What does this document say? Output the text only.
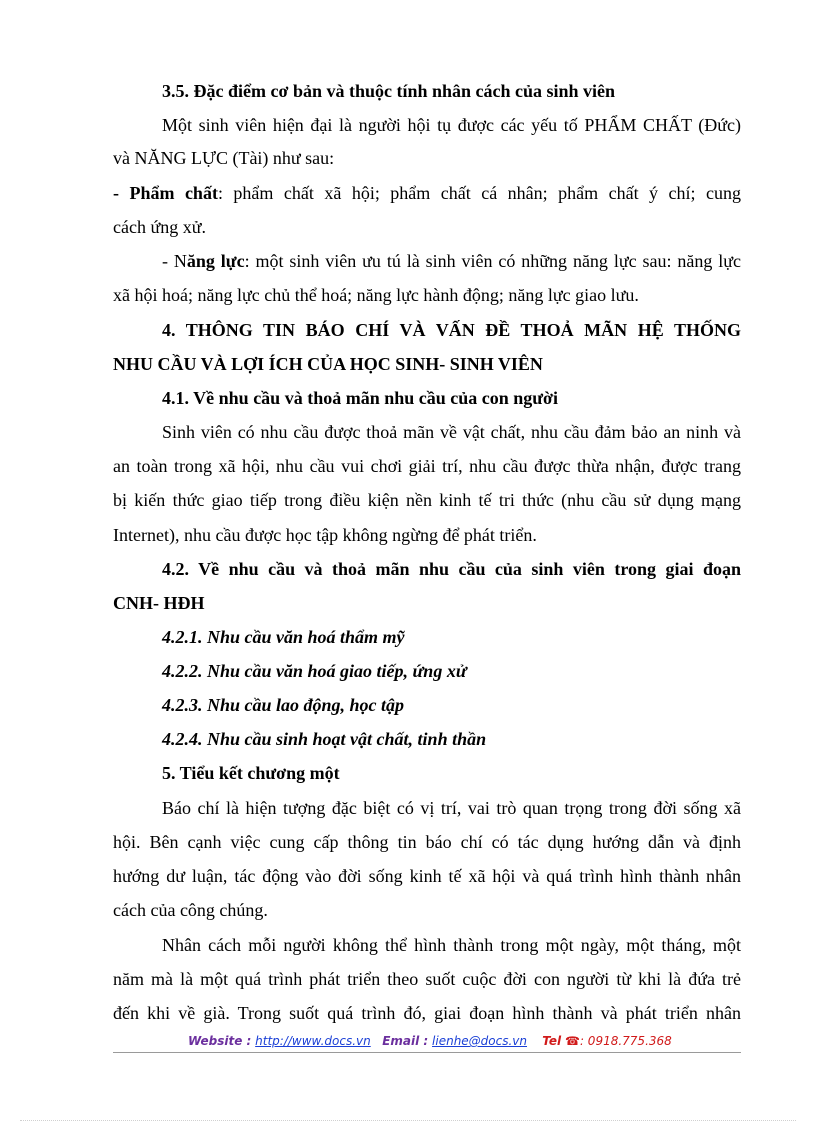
3.5. Đặc điểm cơ bản và thuộc tính nhân cách của sinh viên
Một sinh viên hiện đại là người hội tụ được các yếu tố PHẨM CHẤT (Đức)
và NĂNG LỰC (Tài) như sau:
- Phẩm chất: phẩm chất xã hội; phẩm chất cá nhân; phẩm chất ý chí; cung
cách ứng xử.
- Năng lực: một sinh viên ưu tú là sinh viên có những năng lực sau: năng lực
xã hội hoá; năng lực chủ thể hoá; năng lực hành động; năng lực giao lưu.
4. THÔNG TIN BÁO CHÍ VÀ VẤN ĐỀ THOẢ MÃN HỆ THỐNG
NHU CẦU VÀ LỢI ÍCH CỦA HỌC SINH- SINH VIÊN
4.1. Về nhu cầu và thoả mãn nhu cầu của con người
Sinh viên có nhu cầu được thoả mãn về vật chất, nhu cầu đảm bảo an ninh và
an toàn trong xã hội, nhu cầu vui chơi giải trí, nhu cầu được thừa nhận, được trang
bị kiến thức giao tiếp trong điều kiện nền kinh tế tri thức (nhu cầu sử dụng mạng
Internet), nhu cầu được học tập không ngừng để phát triển.
4.2. Về nhu cầu và thoả mãn nhu cầu của sinh viên trong giai đoạn
CNH- HĐH
4.2.1. Nhu cầu văn hoá thẩm mỹ
4.2.2. Nhu cầu văn hoá giao tiếp, ứng xử
4.2.3. Nhu cầu lao động, học tập
4.2.4. Nhu cầu sinh hoạt vật chất, tinh thần
5. Tiểu kết chương một
Báo chí là hiện tượng đặc biệt có vị trí, vai trò quan trọng trong đời sống xã
hội. Bên cạnh việc cung cấp thông tin báo chí có tác dụng hướng dẫn và định
hướng dư luận, tác động vào đời sống kinh tế xã hội và quá trình hình thành nhân
cách của công chúng.
Nhân cách mỗi người không thể hình thành trong một ngày, một tháng, một
năm mà là một quá trình phát triển theo suốt cuộc đời con người từ khi là đứa trẻ
đến khi về già. Trong suốt quá trình đó, giai đoạn hình thành và phát triển nhân
Website : http://www.docs.vn Email : lienhe@docs.vn Tel ☎: 0918.775.368
